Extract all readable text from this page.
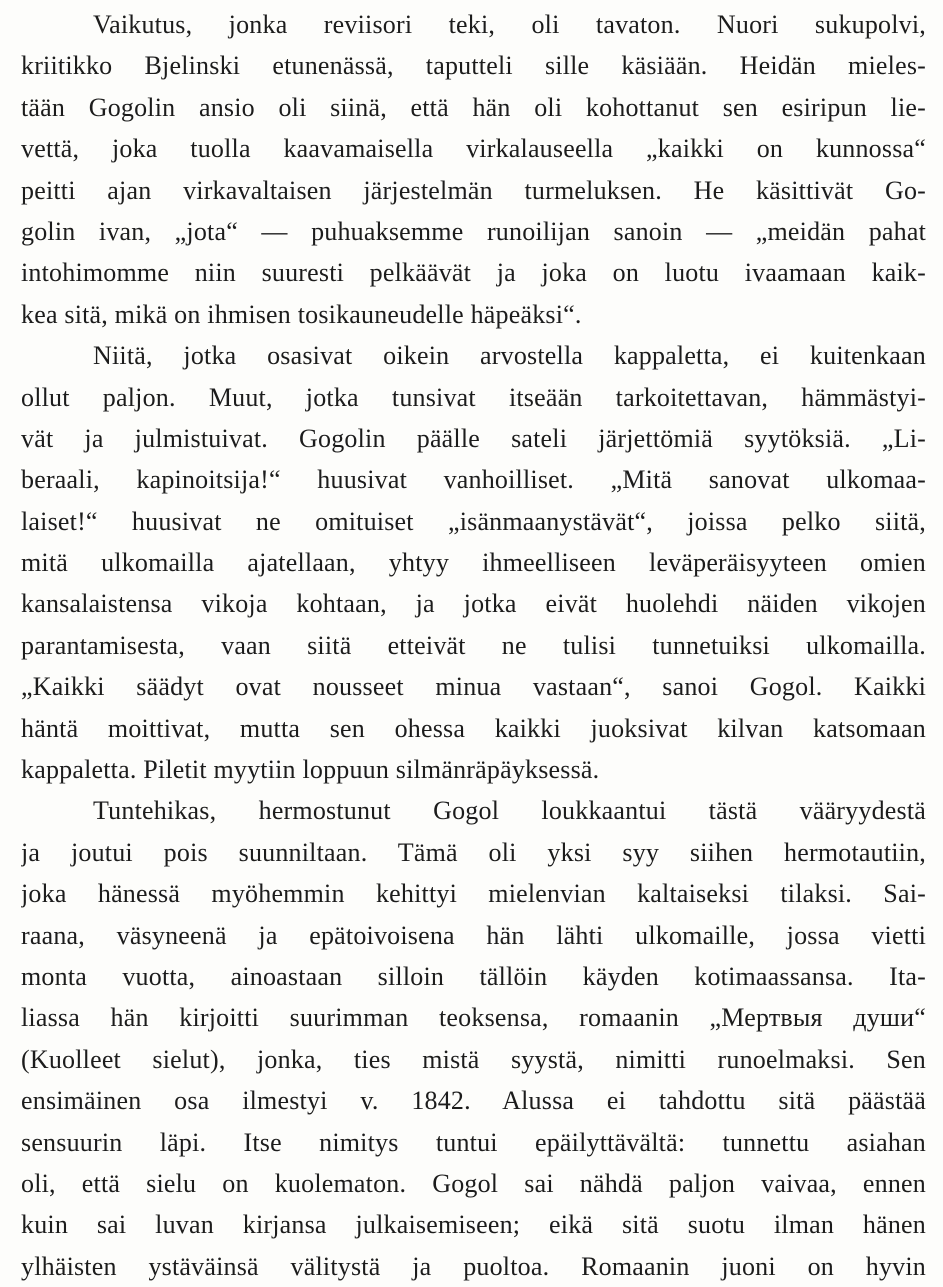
Vaikutus, jonka reviisori teki, oli tavaton. Nuori sukupolvi,
kriitikko Bjelinski etunenässä, taputteli sille käsiään. Heidän mieles-
tään Gogolin ansio oli siinä, että hän oli kohottanut sen esiripun lie-
vettä, joka tuolla kaavamaisella virkalauseella „kaikki on kunnossa“
peitti ajan virkavaltaisen järjestelmän turmeluksen. He käsittivät Go-
golin ivan, „jota“ — puhuaksemme runoilijan sanoin — „meidän pahat
intohimomme niin suuresti pelkäävät ja joka on luotu ivaamaan kaik-
kea sitä, mikä on ihmisen tosikauneudelle häpeäksi“.
Niitä, jotka osasivat oikein arvostella kappaletta, ei kuitenkaan
ollut paljon. Muut, jotka tunsivat itseään tarkoitettavan, hämmästyi-
vät ja julmistuivat. Gogolin päälle sateli järjettömiä syytöksiä. „Li-
beraali, kapinoitsija!“ huusivat vanhoilliset. „Mitä sanovat ulkomaa-
laiset!“ huusivat ne omituiset „isänmaanystävät“, joissa pelko siitä,
mitä ulkomailla ajatellaan, yhtyy ihmeelliseen leväperäisyyteen omien
kansalaistensa vikoja kohtaan, ja jotka eivät huolehdi näiden vikojen
parantamisesta, vaan siitä etteivät ne tulisi tunnetuiksi ulkomailla.
„Kaikki säädyt ovat nousseet minua vastaan“, sanoi Gogol. Kaikki
häntä moittivat, mutta sen ohessa kaikki juoksivat kilvan katsomaan
kappaletta. Piletit myytiin loppuun silmänräpäyksessä.
Tuntehikas, hermostunut Gogol loukkaantui tästä vääryydestä
ja joutui pois suunniltaan. Tämä oli yksi syy siihen hermotautiin,
joka hänessä myöhemmin kehittyi mielenvian kaltaiseksi tilaksi. Sai-
raana, väsyneenä ja epätoivoisena hän lähti ulkomaille, jossa vietti
monta vuotta, ainoastaan silloin tällöin käyden kotimaassansa. Ita-
liassa hän kirjoitti suurimman teoksensa, romaanin „Мертвыя души“
(Kuolleet sielut), jonka, ties mistä syystä, nimitti runoelmaksi. Sen
ensimäinen osa ilmestyi v. 1842. Alussa ei tahdottu sitä päästää
sensuurin läpi. Itse nimitys tuntui epäilyttävältä: tunnettu asiahan
oli, että sielu on kuolematon. Gogol sai nähdä paljon vaivaa, ennen
kuin sai luvan kirjansa julkaisemiseen; eikä sitä suotu ilman hänen
ylhäisten ystäväinsä välitystä ja puoltoa. Romaanin juoni on hyvin
